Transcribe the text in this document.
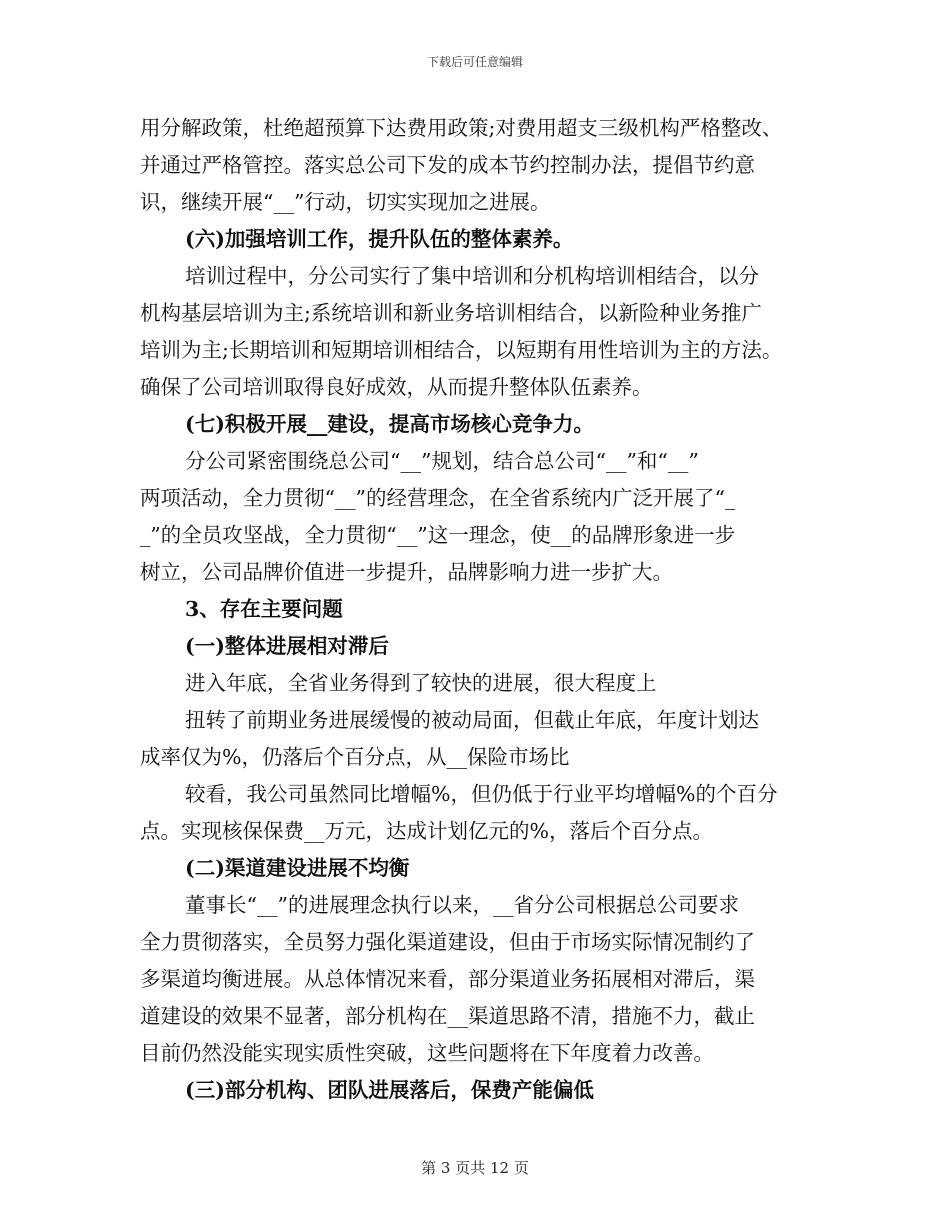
下载后可任意编辑
用分解政策，杜绝超预算下达费用政策;对费用超支三级机构严格整改、
并通过严格管控。落实总公司下发的成本节约控制办法，提倡节约意
识，继续开展“__”行动，切实实现加之进展。
(六)加强培训工作，提升队伍的整体素养。
培训过程中，分公司实行了集中培训和分机构培训相结合，以分
机构基层培训为主;系统培训和新业务培训相结合，以新险种业务推广
培训为主;长期培训和短期培训相结合，以短期有用性培训为主的方法。
确保了公司培训取得良好成效，从而提升整体队伍素养。
(七)积极开展__建设，提高市场核心竞争力。
分公司紧密围绕总公司“__”规划，结合总公司“__”和“__”
两项活动，全力贯彻“__”的经营理念，在全省系统内广泛开展了“_
_”的全员攻坚战，全力贯彻“__”这一理念，使__的品牌形象进一步
树立，公司品牌价值进一步提升，品牌影响力进一步扩大。
3、存在主要问题
(一)整体进展相对滞后
进入年底，全省业务得到了较快的进展，很大程度上
扭转了前期业务进展缓慢的被动局面，但截止年底，年度计划达
成率仅为%，仍落后个百分点，从__保险市场比
较看，我公司虽然同比增幅%，但仍低于行业平均增幅%的个百分
点。实现核保保费__万元，达成计划亿元的%，落后个百分点。
(二)渠道建设进展不均衡
董事长“__”的进展理念执行以来，__省分公司根据总公司要求
全力贯彻落实，全员努力强化渠道建设，但由于市场实际情况制约了
多渠道均衡进展。从总体情况来看，部分渠道业务拓展相对滞后，渠
道建设的效果不显著，部分机构在__渠道思路不清，措施不力，截止
目前仍然没能实现实质性突破，这些问题将在下年度着力改善。
(三)部分机构、团队进展落后，保费产能偏低
第 3 页共 12 页
